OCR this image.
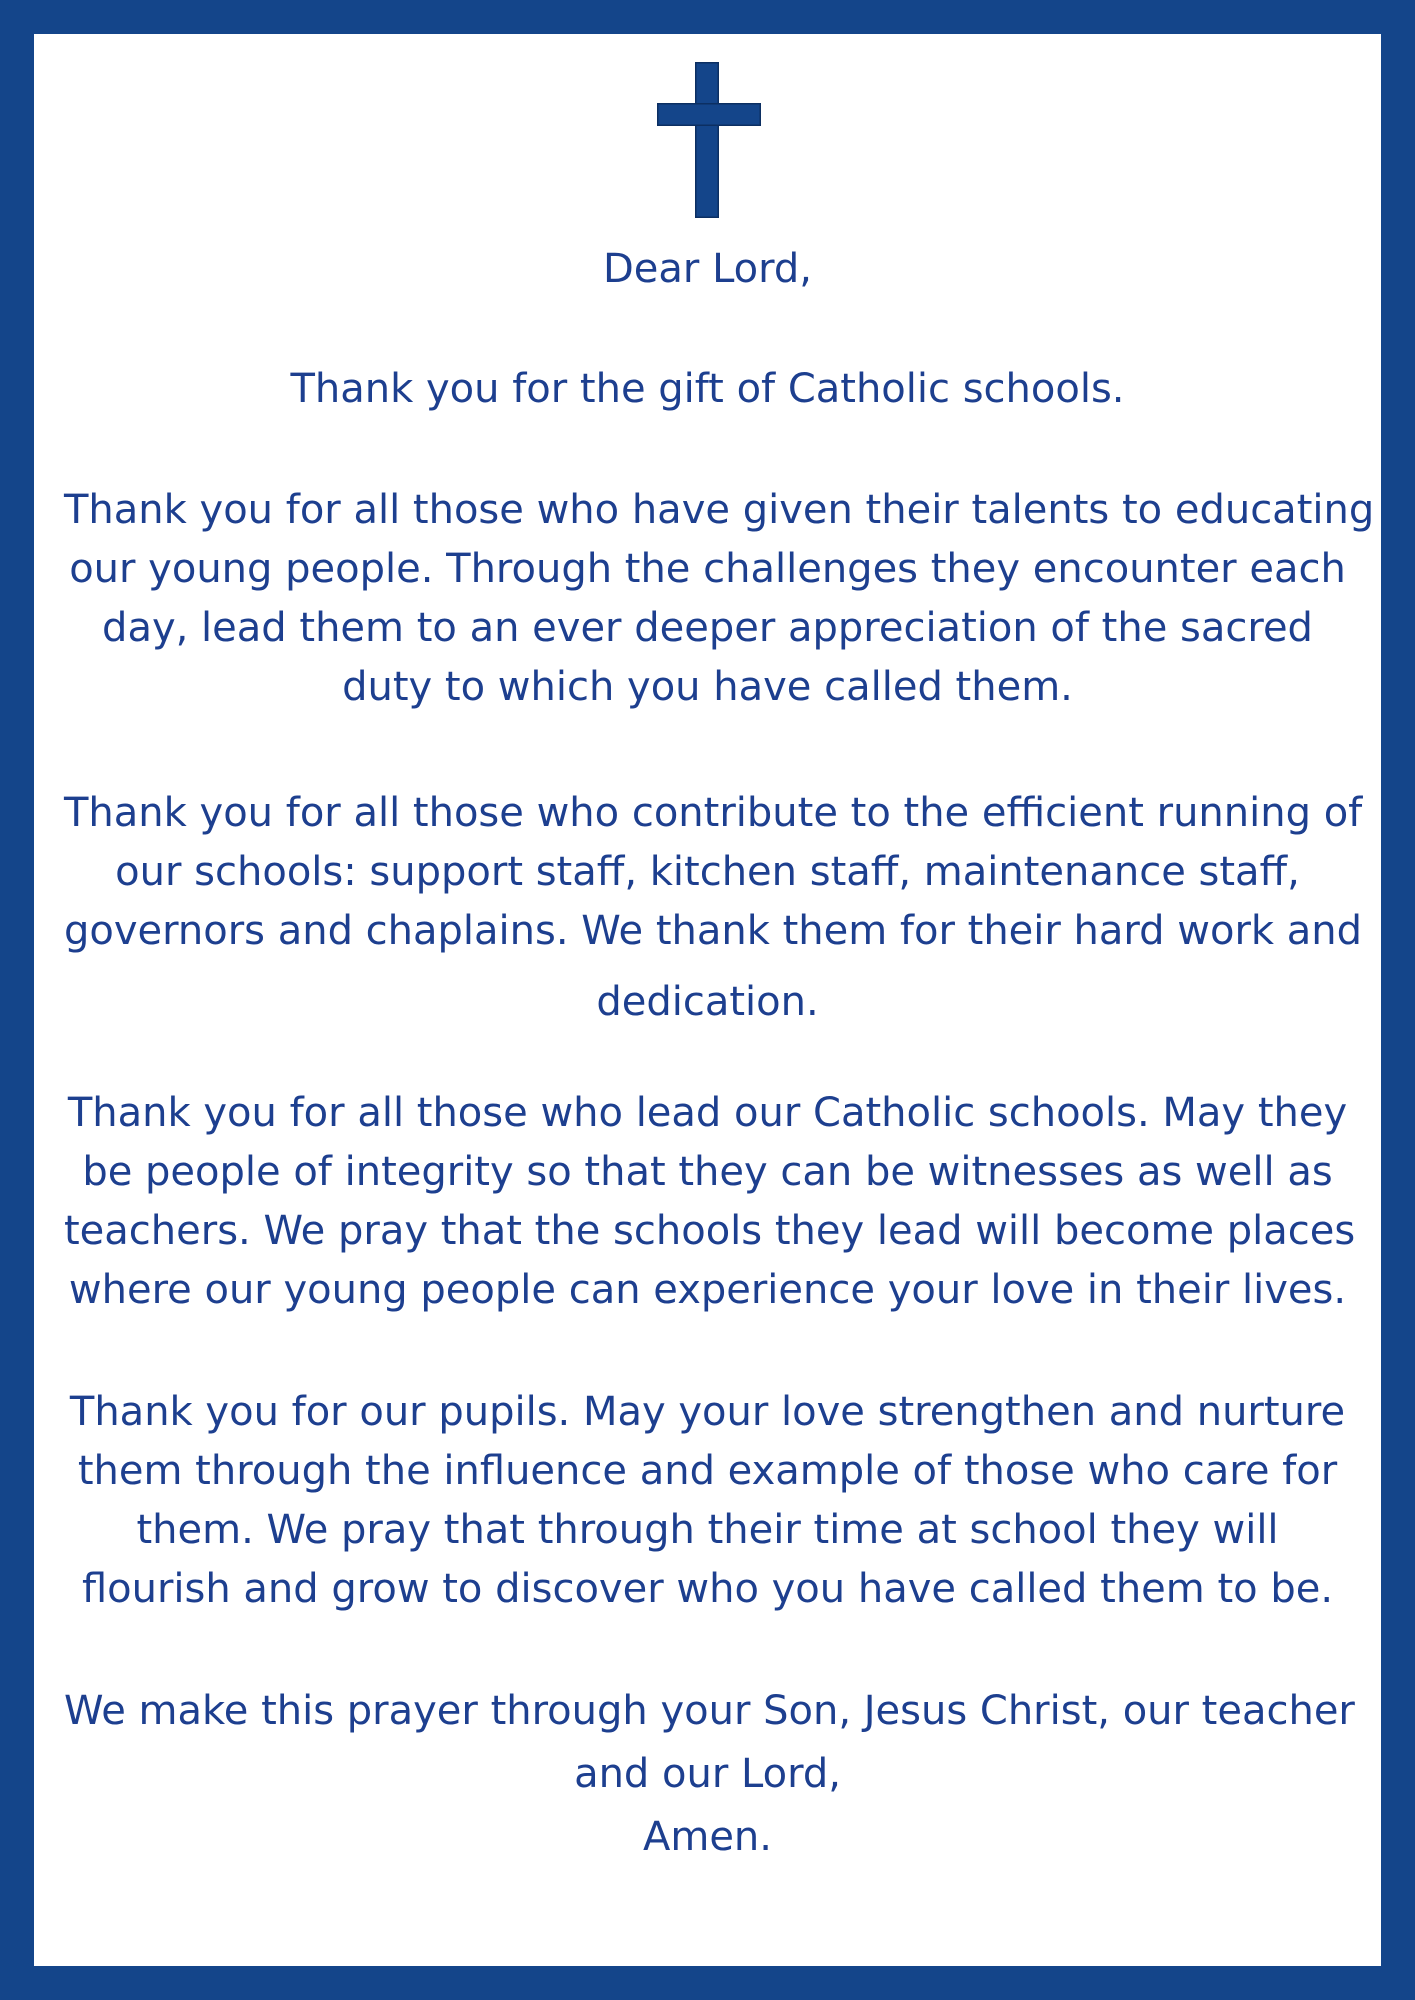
Dear Lord,

Thank you for the gift of Catholic schools.

Thank you for all those who have given their talents to educating
our young people. Through the challenges they encounter each
day, lead them to an ever deeper appreciation of the sacred
duty to which you have called them.

Thank you for all those who contribute to the efficient running of
our schools: support staff, kitchen staff, maintenance staff,
governors and chaplains. We thank them for their hard work and
dedication.

Thank you for all those who lead our Catholic schools. May they
be people of integrity so that they can be witnesses as well as
teachers. We pray that the schools they lead will become places
where our young people can experience your love in their lives.

Thank you for our pupils. May your love strengthen and nurture
them through the influence and example of those who care for
them. We pray that through their time at school they will
flourish and grow to discover who you have called them to be.

We make this prayer through your Son, Jesus Christ, our teacher
and our Lord,
Amen.
